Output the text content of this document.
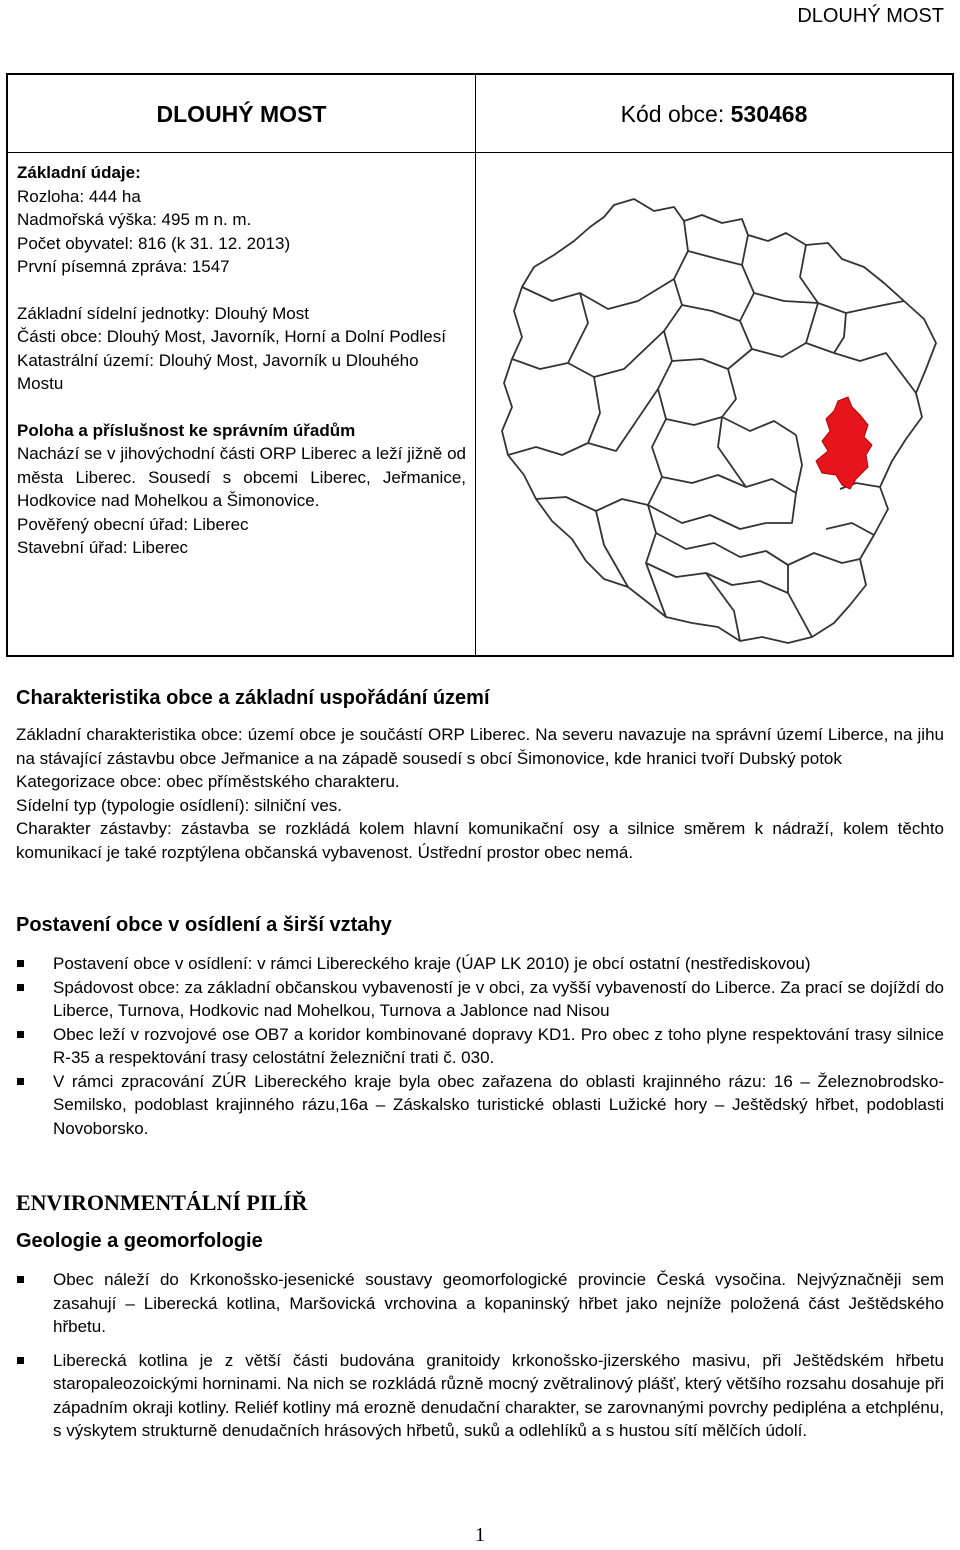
DLOUHÝ MOST
DLOUHÝ MOST	Kód obce: 530468

Základní údaje:

Rozloha: 444 ha

Nadmořská výška: 495 m n. m.

Počet obyvatel: 816 (k 31. 12. 2013)

První písemná zpráva: 1547

Základní sídelní jednotky: Dlouhý Most

Části obce: Dlouhý Most, Javorník, Horní a Dolní Podlesí

Katastrální území: Dlouhý Most, Javorník u Dlouhého Mostu

Poloha a příslušnost ke správním úřadům

Nachází se v jihovýchodní části ORP Liberec a leží jižně od města Liberec. Sousedí s obcemi Liberec, Jeřmanice, Hodkovice nad Mohelkou a Šimonovice.

Pověřený obecní úřad: Liberec

Stavební úřad: Liberec

Charakteristika obce a základní uspořádání území

Základní charakteristika obce: území obce je součástí ORP Liberec. Na severu navazuje na správní území Liberce, na jihu na stávající zástavbu obce Jeřmanice a na západě sousedí s obcí Šimonovice, kde hranici tvoří Dubský potok

Kategorizace obce: obec příměstského charakteru.

Sídelní typ (typologie osídlení): silniční ves.

Charakter zástavby: zástavba se rozkládá kolem hlavní komunikační osy a silnice směrem k nádraží, kolem těchto komunikací je také rozptýlena občanská vybavenost. Ústřední prostor obec nemá.

Postavení obce v osídlení a širší vztahy
Postavení obce v osídlení: v rámci Libereckého kraje (ÚAP LK 2010) je obcí ostatní (nestřediskovou)
Spádovost obce: za základní občanskou vybaveností je v obci, za vyšší vybaveností do Liberce. Za prací se dojíždí do Liberce, Turnova, Hodkovic nad Mohelkou, Turnova a Jablonce nad Nisou
Obec leží v rozvojové ose OB7 a koridor kombinované dopravy KD1. Pro obec z toho plyne respektování trasy silnice R-35 a respektování trasy celostátní železniční trati č. 030.
V rámci zpracování ZÚR Libereckého kraje byla obec zařazena do oblasti krajinného rázu: 16 – Železnobrodsko-Semilsko, podoblast krajinného rázu,16a – Záskalsko turistické oblasti Lužické hory – Ještědský hřbet, podoblasti Novoborsko.
ENVIRONMENTÁLNÍ PILÍŘ
Geologie a geomorfologie
Obec náleží do Krkonošsko-jesenické soustavy geomorfologické provincie Česká vysočina. Nejvýznačněji sem zasahují – Liberecká kotlina, Maršovická vrchovina a kopaninský hřbet jako nejníže položená část Ještědského hřbetu.
Liberecká kotlina je z větší části budována granitoidy krkonošsko-jizerského masivu, při Ještědském hřbetu staropaleozoickými horninami. Na nich se rozkládá různě mocný zvětralinový plášť, který většího rozsahu dosahuje při západním okraji kotliny. Reliéf kotliny má erozně denudační charakter, se zarovnanými povrchy pedipléna a etchplénu, s výskytem strukturně denudačních hrásových hřbetů, suků a odlehlíků a s hustou sítí mělčích údolí.
1
